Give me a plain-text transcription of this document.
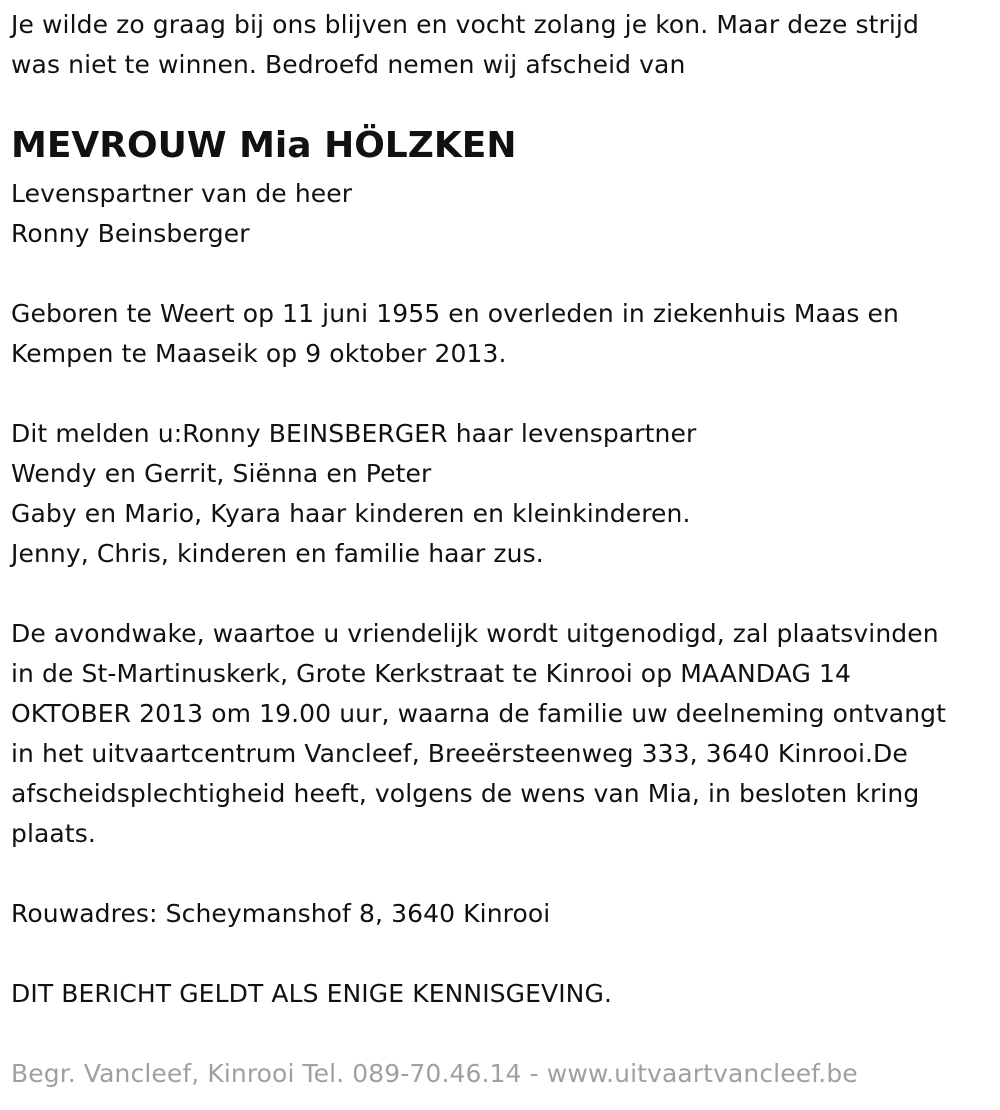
Je wilde zo graag bij ons blijven en vocht zolang je kon. Maar deze strijd
was niet te winnen. Bedroefd nemen wij afscheid van
MEVROUW Mia HÖLZKEN
Levenspartner van de heer
Ronny Beinsberger
Geboren te Weert op 11 juni 1955 en overleden in ziekenhuis Maas en
Kempen te Maaseik op 9 oktober 2013.
Dit melden u:Ronny BEINSBERGER haar levenspartner
Wendy en Gerrit, Siënna en Peter
Gaby en Mario, Kyara haar kinderen en kleinkinderen.
Jenny, Chris, kinderen en familie haar zus.
De avondwake, waartoe u vriendelijk wordt uitgenodigd, zal plaatsvinden
in de St-Martinuskerk, Grote Kerkstraat te Kinrooi op MAANDAG 14
OKTOBER 2013 om 19.00 uur, waarna de familie uw deelneming ontvangt
in het uitvaartcentrum Vancleef, Breeërsteenweg 333, 3640 Kinrooi.De
afscheidsplechtigheid heeft, volgens de wens van Mia, in besloten kring
plaats.
Rouwadres: Scheymanshof 8, 3640 Kinrooi
DIT BERICHT GELDT ALS ENIGE KENNISGEVING.
Begr. Vancleef, Kinrooi Tel. 089-70.46.14 - www.uitvaartvancleef.be
